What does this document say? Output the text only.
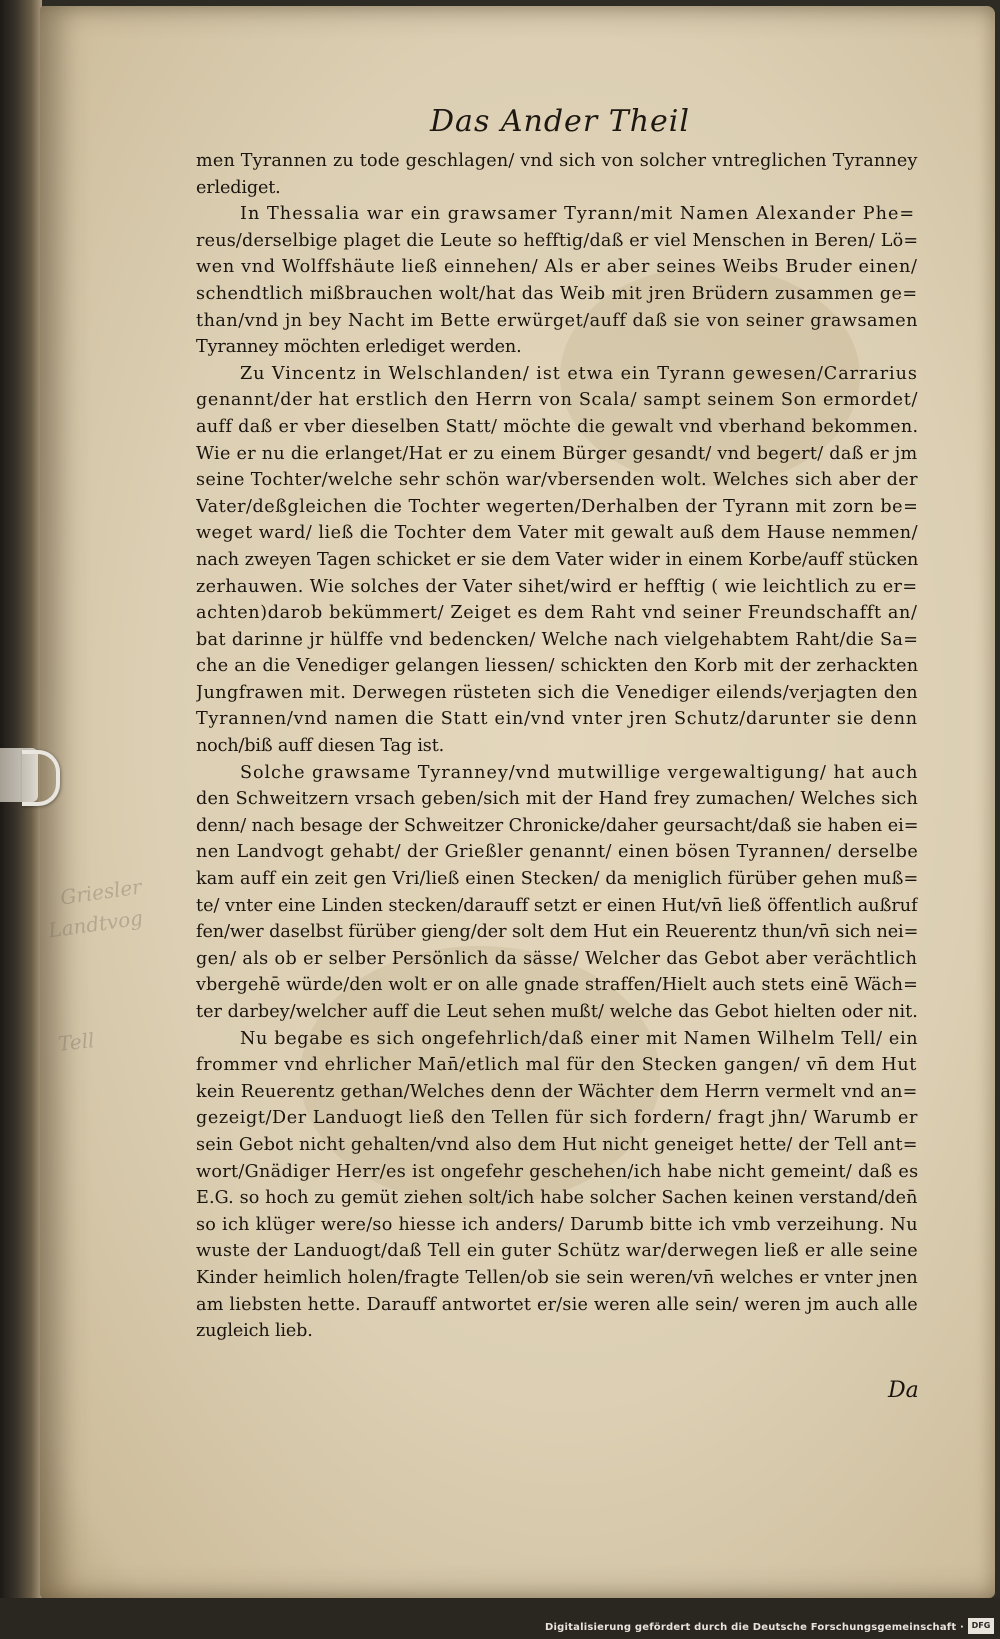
Das Ander Theil
Griesler
Landtvog
Tell
men Tyrannen zu tode geschlagen/ vnd sich von solcher vntreglichen Tyranney
erlediget.
In Thessalia war ein grawsamer Tyrann/mit Namen Alexander Phe=
reus/derselbige plaget die Leute so hefftig/daß er viel Menschen in Beren/ Lö=
wen vnd Wolffshäute ließ einnehen/ Als er aber seines Weibs Bruder einen/
schendtlich mißbrauchen wolt/hat das Weib mit jren Brüdern zusammen ge=
than/vnd jn bey Nacht im Bette erwürget/auff daß sie von seiner grawsamen
Tyranney möchten erlediget werden.
Zu Vincentz in Welschlanden/ ist etwa ein Tyrann gewesen/Carrarius
genannt/der hat erstlich den Herrn von Scala/ sampt seinem Son ermordet/
auff daß er vber dieselben Statt/ möchte die gewalt vnd vberhand bekommen.
Wie er nu die erlanget/Hat er zu einem Bürger gesandt/ vnd begert/ daß er jm
seine Tochter/welche sehr schön war/vbersenden wolt. Welches sich aber der
Vater/deßgleichen die Tochter wegerten/Derhalben der Tyrann mit zorn be=
weget ward/ ließ die Tochter dem Vater mit gewalt auß dem Hause nemmen/
nach zweyen Tagen schicket er sie dem Vater wider in einem Korbe/auff stücken
zerhauwen. Wie solches der Vater sihet/wird er hefftig ( wie leichtlich zu er=
achten)darob bekümmert/ Zeiget es dem Raht vnd seiner Freundschafft an/
bat darinne jr hülffe vnd bedencken/ Welche nach vielgehabtem Raht/die Sa=
che an die Venediger gelangen liessen/ schickten den Korb mit der zerhackten
Jungfrawen mit. Derwegen rüsteten sich die Venediger eilends/verjagten den
Tyrannen/vnd namen die Statt ein/vnd vnter jren Schutz/darunter sie denn
noch/biß auff diesen Tag ist.
Solche grawsame Tyranney/vnd mutwillige vergewaltigung/ hat auch
den Schweitzern vrsach geben/sich mit der Hand frey zumachen/ Welches sich
denn/ nach besage der Schweitzer Chronicke/daher geursacht/daß sie haben ei=
nen Landvogt gehabt/ der Grießler genannt/ einen bösen Tyrannen/ derselbe
kam auff ein zeit gen Vri/ließ einen Stecken/ da meniglich fürüber gehen muß=
te/ vnter eine Linden stecken/darauff setzt er einen Hut/vn̄ ließ öffentlich außruf
fen/wer daselbst fürüber gieng/der solt dem Hut ein Reuerentz thun/vn̄ sich nei=
gen/ als ob er selber Persönlich da sässe/ Welcher das Gebot aber verächtlich
vbergehē würde/den wolt er on alle gnade straffen/Hielt auch stets einē Wäch=
ter darbey/welcher auff die Leut sehen mußt/ welche das Gebot hielten oder nit.
Nu begabe es sich ongefehrlich/daß einer mit Namen Wilhelm Tell/ ein
frommer vnd ehrlicher Man̄/etlich mal für den Stecken gangen/ vn̄ dem Hut
kein Reuerentz gethan/Welches denn der Wächter dem Herrn vermelt vnd an=
gezeigt/Der Landuogt ließ den Tellen für sich fordern/ fragt jhn/ Warumb er
sein Gebot nicht gehalten/vnd also dem Hut nicht geneiget hette/ der Tell ant=
wort/Gnädiger Herr/es ist ongefehr geschehen/ich habe nicht gemeint/ daß es
E.G. so hoch zu gemüt ziehen solt/ich habe solcher Sachen keinen verstand/den̄
so ich klüger were/so hiesse ich anders/ Darumb bitte ich vmb verzeihung. Nu
wuste der Landuogt/daß Tell ein guter Schütz war/derwegen ließ er alle seine
Kinder heimlich holen/fragte Tellen/ob sie sein weren/vn̄ welches er vnter jnen
am liebsten hette. Darauff antwortet er/sie weren alle sein/ weren jm auch alle
zugleich lieb.
Da
Digitalisierung gefördert durch die Deutsche Forschungsgemeinschaft · DFG
